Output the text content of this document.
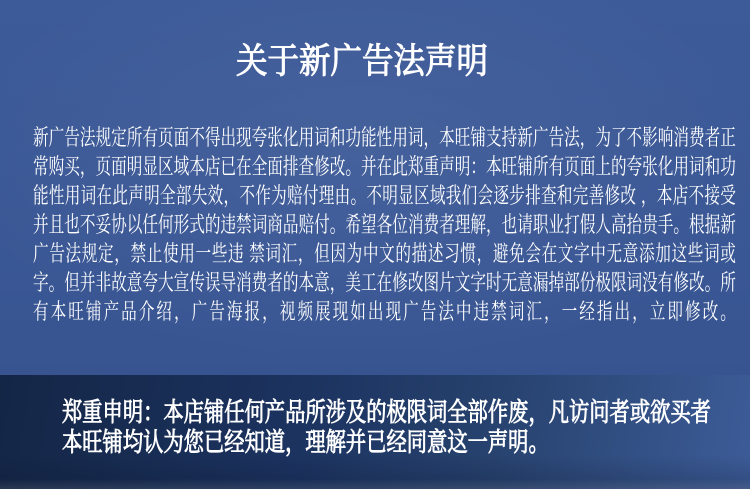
关于新广告法声明
新广告法规定所有页面不得出现夸张化用词和功能性用词，本旺铺支持新广告法，为了不影响消费者正
常购买，页面明显区域本店已在全面排查修改。并在此郑重声明：本旺铺所有页面上的夸张化用词和功
能性用词在此声明全部失效，不作为赔付理由。不明显区域我们会逐步排查和完善修改 ，本店不接受
并且也不妥协以任何形式的违禁词商品赔付。希望各位消费者理解，也请职业打假人高抬贵手。根据新
广告法规定，禁止使用一些违 禁词汇，但因为中文的描述习惯，避免会在文字中无意添加这些词或
字。但并非故意夸大宣传误导消费者的本意，美工在修改图片文字时无意漏掉部份极限词没有修改。所
有本旺铺产品介绍，广告海报，视频展现如出现广告法中违禁词汇，一经指出，立即修改。
郑重申明：本店铺任何产品所涉及的极限词全部作废，凡访问者或欲买者
本旺铺均认为您已经知道，理解并已经同意这一声明。
